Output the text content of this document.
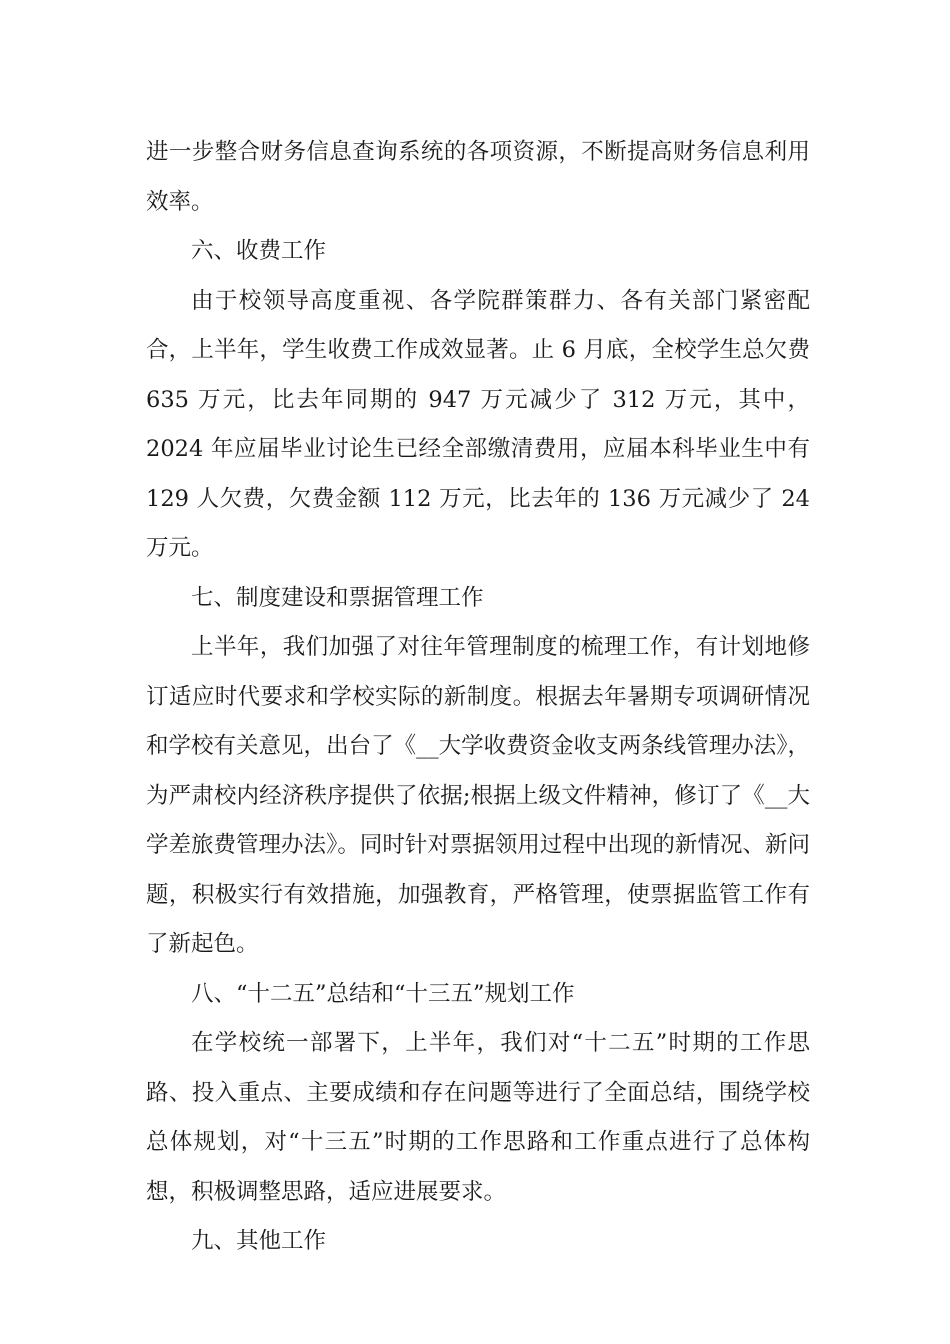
进一步整合财务信息查询系统的各项资源，不断提高财务信息利用效率。

六、收费工作

由于校领导高度重视、各学院群策群力、各有关部门紧密配合，上半年，学生收费工作成效显著。止 6 月底，全校学生总欠费 635 万元，比去年同期的 947 万元减少了 312 万元，其中，2024 年应届毕业讨论生已经全部缴清费用，应届本科毕业生中有 129 人欠费，欠费金额 112 万元，比去年的 136 万元减少了 24 万元。

七、制度建设和票据管理工作

上半年，我们加强了对往年管理制度的梳理工作，有计划地修订适应时代要求和学校实际的新制度。根据去年暑期专项调研情况和学校有关意见，出台了《__大学收费资金收支两条线管理办法》，为严肃校内经济秩序提供了依据;根据上级文件精神，修订了《__大学差旅费管理办法》。同时针对票据领用过程中出现的新情况、新问题，积极实行有效措施，加强教育，严格管理，使票据监管工作有了新起色。

八、“十二五”总结和“十三五”规划工作

在学校统一部署下，上半年，我们对“十二五”时期的工作思路、投入重点、主要成绩和存在问题等进行了全面总结，围绕学校总体规划，对“十三五”时期的工作思路和工作重点进行了总体构想，积极调整思路，适应进展要求。

九、其他工作
